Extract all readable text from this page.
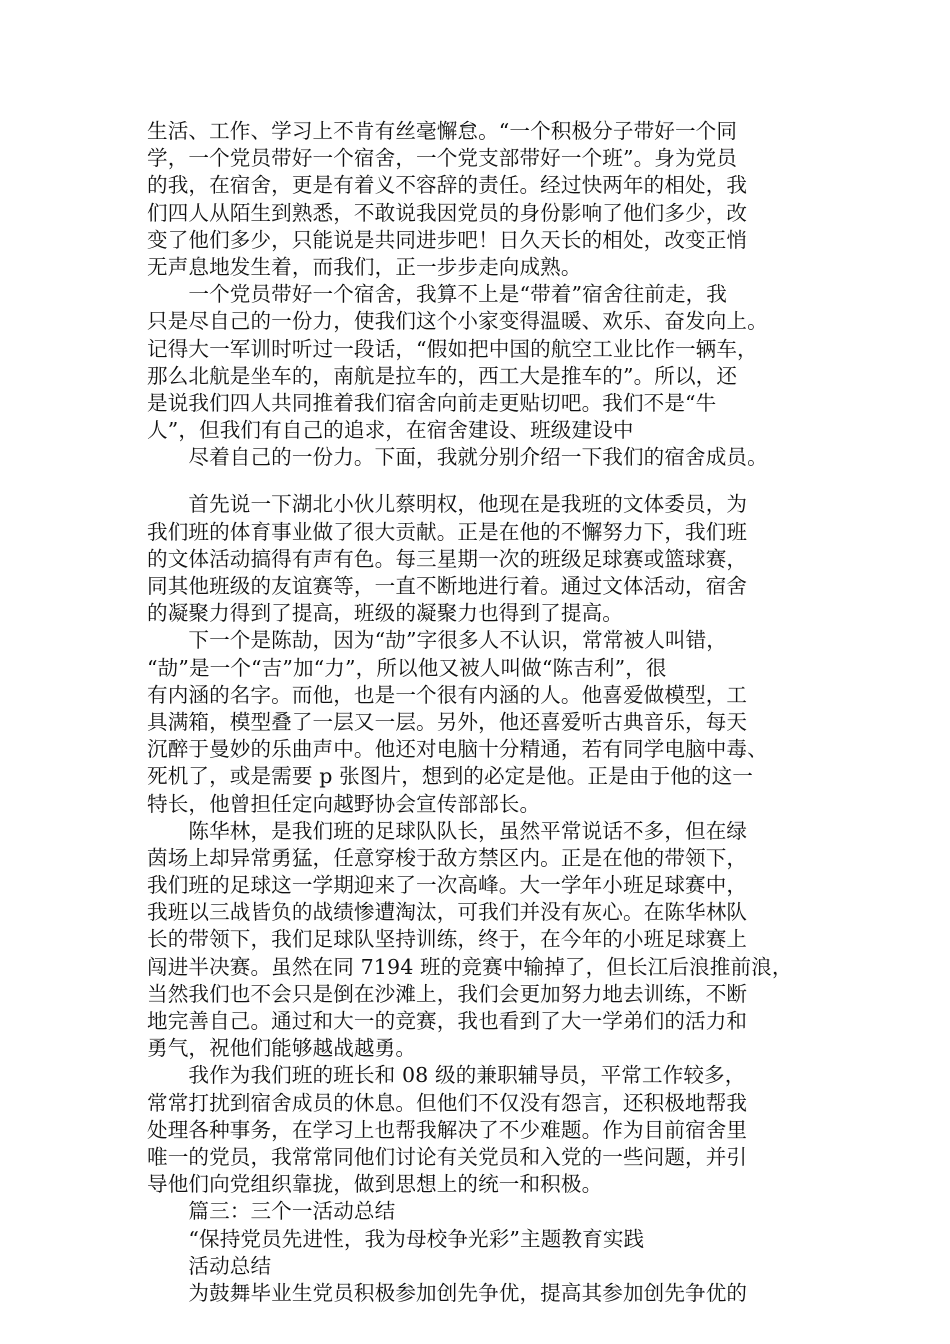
生活、工作、学习上不肯有丝毫懈怠。“一个积极分子带好一个同
学，一个党员带好一个宿舍，一个党支部带好一个班”。身为党员
的我，在宿舍，更是有着义不容辞的责任。经过快两年的相处，我
们四人从陌生到熟悉，不敢说我因党员的身份影响了他们多少，改
变了他们多少，只能说是共同进步吧！日久天长的相处，改变正悄
无声息地发生着，而我们，正一步步走向成熟。
　　一个党员带好一个宿舍，我算不上是“带着”宿舍往前走，我
只是尽自己的一份力，使我们这个小家变得温暖、欢乐、奋发向上。
记得大一军训时听过一段话，“假如把中国的航空工业比作一辆车，
那么北航是坐车的，南航是拉车的，西工大是推车的”。所以，还
是说我们四人共同推着我们宿舍向前走更贴切吧。我们不是“牛
人”，但我们有自己的追求，在宿舍建设、班级建设中
　　尽着自己的一份力。下面，我就分别介绍一下我们的宿舍成员。
　　首先说一下湖北小伙儿蔡明权，他现在是我班的文体委员，为
我们班的体育事业做了很大贡献。正是在他的不懈努力下，我们班
的文体活动搞得有声有色。每三星期一次的班级足球赛或篮球赛，
同其他班级的友谊赛等，一直不断地进行着。通过文体活动，宿舍
的凝聚力得到了提高，班级的凝聚力也得到了提高。
　　下一个是陈劼，因为“劼”字很多人不认识，常常被人叫错，
“劼”是一个“吉”加“力”，所以他又被人叫做“陈吉利”，很
有内涵的名字。而他，也是一个很有内涵的人。他喜爱做模型，工
具满箱，模型叠了一层又一层。另外，他还喜爱听古典音乐，每天
沉醉于曼妙的乐曲声中。他还对电脑十分精通，若有同学电脑中毒、
死机了，或是需要 p 张图片，想到的必定是他。正是由于他的这一
特长，他曾担任定向越野协会宣传部部长。
　　陈华林，是我们班的足球队队长，虽然平常说话不多，但在绿
茵场上却异常勇猛，任意穿梭于敌方禁区内。正是在他的带领下，
我们班的足球这一学期迎来了一次高峰。大一学年小班足球赛中，
我班以三战皆负的战绩惨遭淘汰，可我们并没有灰心。在陈华林队
长的带领下，我们足球队坚持训练，终于，在今年的小班足球赛上
闯进半决赛。虽然在同 7194 班的竞赛中输掉了，但长江后浪推前浪，
当然我们也不会只是倒在沙滩上，我们会更加努力地去训练，不断
地完善自己。通过和大一的竞赛，我也看到了大一学弟们的活力和
勇气，祝他们能够越战越勇。
　　我作为我们班的班长和 08 级的兼职辅导员，平常工作较多，
常常打扰到宿舍成员的休息。但他们不仅没有怨言，还积极地帮我
处理各种事务，在学习上也帮我解决了不少难题。作为目前宿舍里
唯一的党员，我常常同他们讨论有关党员和入党的一些问题，并引
导他们向党组织靠拢，做到思想上的统一和积极。
　　篇三：三个一活动总结
　　“保持党员先进性，我为母校争光彩”主题教育实践
　　活动总结
　　为鼓舞毕业生党员积极参加创先争优，提高其参加创先争优的
